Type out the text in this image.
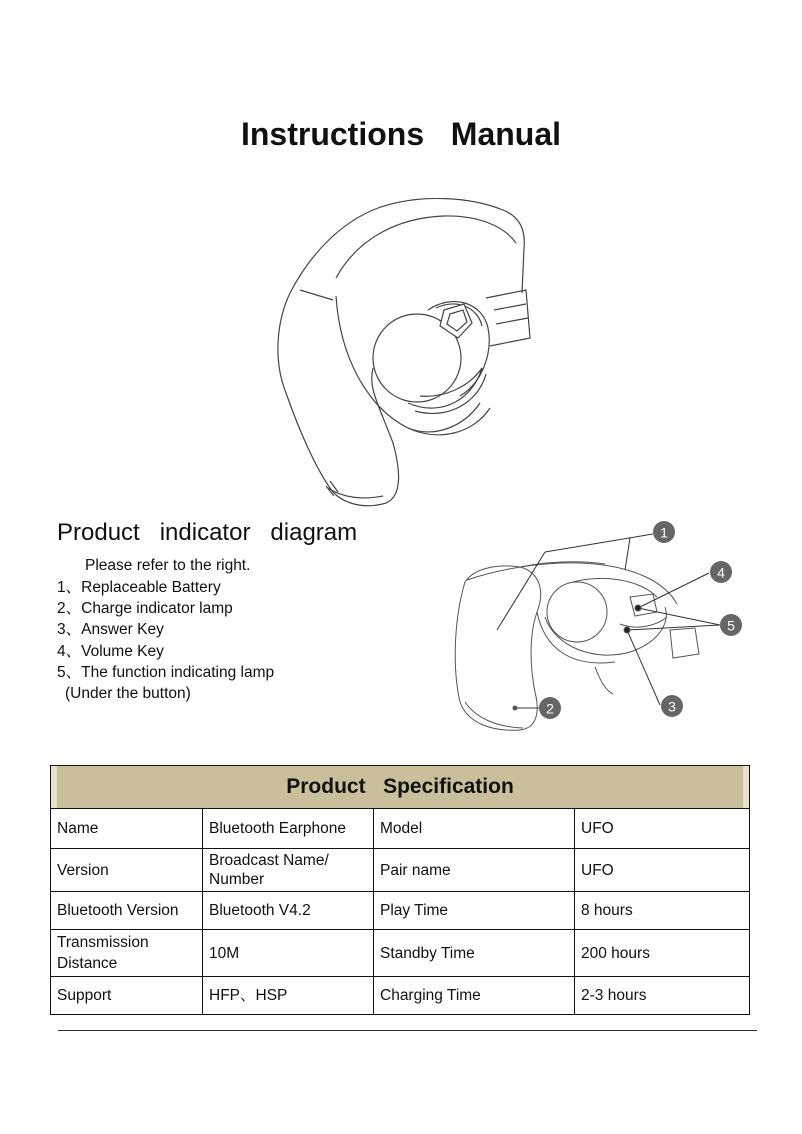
Instructions   Manual
Product   indicator   diagram
Please refer to the right.
1、Replaceable Battery
2、Charge indicator lamp
3、Answer Key
4、Volume Key
5、The function indicating lamp
(Under the button)
1
4
5
3
2
Product   Specification			

Name	Bluetooth Earphone	Model	UFO
Version	Broadcast Name/ Number	Pair name	UFO
Bluetooth Version	Bluetooth V4.2	Play Time	8 hours
Transmission Distance	10M	Standby Time	200 hours
Support	HFP、HSP	Charging Time	2-3 hours
